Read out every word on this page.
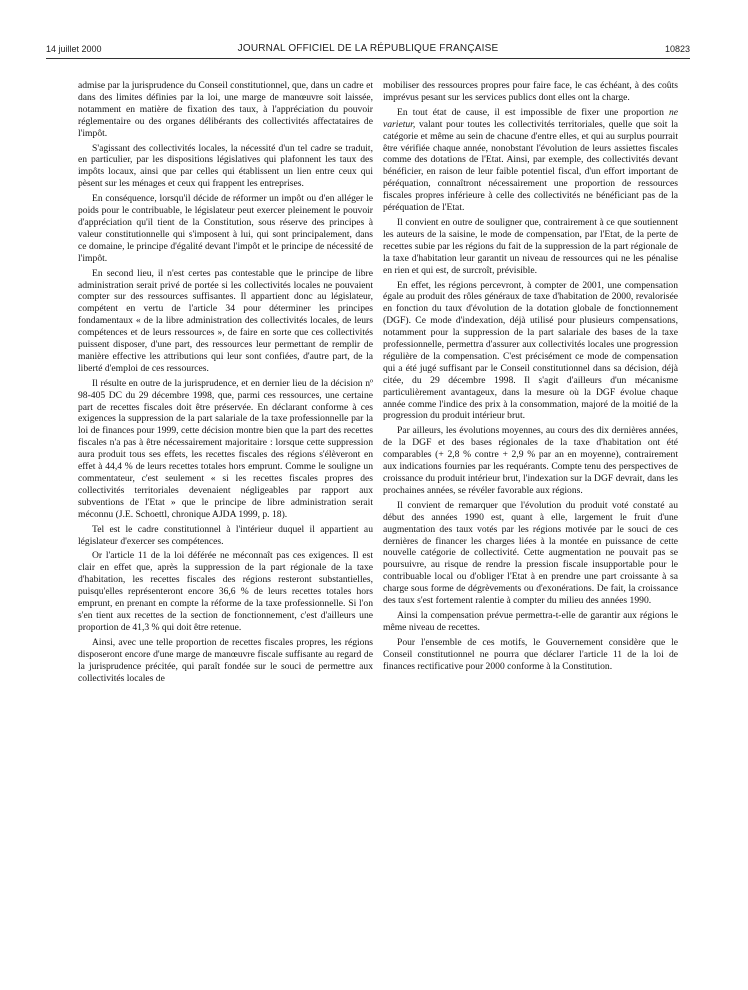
14 juillet 2000	JOURNAL OFFICIEL DE LA RÉPUBLIQUE FRANÇAISE	10823

admise par la jurisprudence du Conseil constitutionnel, que, dans un cadre et dans des limites définies par la loi, une marge de manœuvre soit laissée, notamment en matière de fixation des taux, à l'appréciation du pouvoir réglementaire ou des organes délibérants des collectivités affectataires de l'impôt.

S'agissant des collectivités locales, la nécessité d'un tel cadre se traduit, en particulier, par les dispositions législatives qui plafonnent les taux des impôts locaux, ainsi que par celles qui établissent un lien entre ceux qui pèsent sur les ménages et ceux qui frappent les entreprises.

En conséquence, lorsqu'il décide de réformer un impôt ou d'en alléger le poids pour le contribuable, le législateur peut exercer pleinement le pouvoir d'appréciation qu'il tient de la Constitution, sous réserve des principes à valeur constitutionnelle qui s'imposent à lui, qui sont principalement, dans ce domaine, le principe d'égalité devant l'impôt et le principe de nécessité de l'impôt.

En second lieu, il n'est certes pas contestable que le principe de libre administration serait privé de portée si les collectivités locales ne pouvaient compter sur des ressources suffisantes. Il appartient donc au législateur, compétent en vertu de l'article 34 pour déterminer les principes fondamentaux « de la libre administration des collectivités locales, de leurs compétences et de leurs ressources », de faire en sorte que ces collectivités puissent disposer, d'une part, des ressources leur permettant de remplir de manière effective les attributions qui leur sont confiées, d'autre part, de la liberté d'emploi de ces ressources.

Il résulte en outre de la jurisprudence, et en dernier lieu de la décision nº 98-405 DC du 29 décembre 1998, que, parmi ces ressources, une certaine part de recettes fiscales doit être préservée. En déclarant conforme à ces exigences la suppression de la part salariale de la taxe professionnelle par la loi de finances pour 1999, cette décision montre bien que la part des recettes fiscales n'a pas à être nécessairement majoritaire : lorsque cette suppression aura produit tous ses effets, les recettes fiscales des régions s'élèveront en effet à 44,4 % de leurs recettes totales hors emprunt. Comme le souligne un commentateur, c'est seulement « si les recettes fiscales propres des collectivités territoriales devenaient négligeables par rapport aux subventions de l'Etat » que le principe de libre administration serait méconnu (J.E. Schoettl, chronique AJDA 1999, p. 18).

Tel est le cadre constitutionnel à l'intérieur duquel il appartient au législateur d'exercer ses compétences.

Or l'article 11 de la loi déférée ne méconnaît pas ces exigences. Il est clair en effet que, après la suppression de la part régionale de la taxe d'habitation, les recettes fiscales des régions resteront substantielles, puisqu'elles représenteront encore 36,6 % de leurs recettes totales hors emprunt, en prenant en compte la réforme de la taxe professionnelle. Si l'on s'en tient aux recettes de la section de fonctionnement, c'est d'ailleurs une proportion de 41,3 % qui doit être retenue.

Ainsi, avec une telle proportion de recettes fiscales propres, les régions disposeront encore d'une marge de manœuvre fiscale suffisante au regard de la jurisprudence précitée, qui paraît fondée sur le souci de permettre aux collectivités locales de

mobiliser des ressources propres pour faire face, le cas échéant, à des coûts imprévus pesant sur les services publics dont elles ont la charge.

En tout état de cause, il est impossible de fixer une proportion ne varietur, valant pour toutes les collectivités territoriales, quelle que soit la catégorie et même au sein de chacune d'entre elles, et qui au surplus pourrait être vérifiée chaque année, nonobstant l'évolution de leurs assiettes fiscales comme des dotations de l'Etat. Ainsi, par exemple, des collectivités devant bénéficier, en raison de leur faible potentiel fiscal, d'un effort important de péréquation, connaîtront nécessairement une proportion de ressources fiscales propres inférieure à celle des collectivités ne bénéficiant pas de la péréquation de l'Etat.

Il convient en outre de souligner que, contrairement à ce que soutiennent les auteurs de la saisine, le mode de compensation, par l'Etat, de la perte de recettes subie par les régions du fait de la suppression de la part régionale de la taxe d'habitation leur garantit un niveau de ressources qui ne les pénalise en rien et qui est, de surcroît, prévisible.

En effet, les régions percevront, à compter de 2001, une compensation égale au produit des rôles généraux de taxe d'habitation de 2000, revalorisée en fonction du taux d'évolution de la dotation globale de fonctionnement (DGF). Ce mode d'indexation, déjà utilisé pour plusieurs compensations, notamment pour la suppression de la part salariale des bases de la taxe professionnelle, permettra d'assurer aux collectivités locales une progression régulière de la compensation. C'est précisément ce mode de compensation qui a été jugé suffisant par le Conseil constitutionnel dans sa décision, déjà citée, du 29 décembre 1998. Il s'agit d'ailleurs d'un mécanisme particulièrement avantageux, dans la mesure où la DGF évolue chaque année comme l'indice des prix à la consommation, majoré de la moitié de la progression du produit intérieur brut.

Par ailleurs, les évolutions moyennes, au cours des dix dernières années, de la DGF et des bases régionales de la taxe d'habitation ont été comparables (+ 2,8 % contre + 2,9 % par an en moyenne), contrairement aux indications fournies par les requérants. Compte tenu des perspectives de croissance du produit intérieur brut, l'indexation sur la DGF devrait, dans les prochaines années, se révéler favorable aux régions.

Il convient de remarquer que l'évolution du produit voté constaté au début des années 1990 est, quant à elle, largement le fruit d'une augmentation des taux votés par les régions motivée par le souci de ces dernières de financer les charges liées à la montée en puissance de cette nouvelle catégorie de collectivité. Cette augmentation ne pouvait pas se poursuivre, au risque de rendre la pression fiscale insupportable pour le contribuable local ou d'obliger l'Etat à en prendre une part croissante à sa charge sous forme de dégrèvements ou d'exonérations. De fait, la croissance des taux s'est fortement ralentie à compter du milieu des années 1990.

Ainsi la compensation prévue permettra-t-elle de garantir aux régions le même niveau de recettes.

Pour l'ensemble de ces motifs, le Gouvernement considère que le Conseil constitutionnel ne pourra que déclarer l'article 11 de la loi de finances rectificative pour 2000 conforme à la Constitution.
